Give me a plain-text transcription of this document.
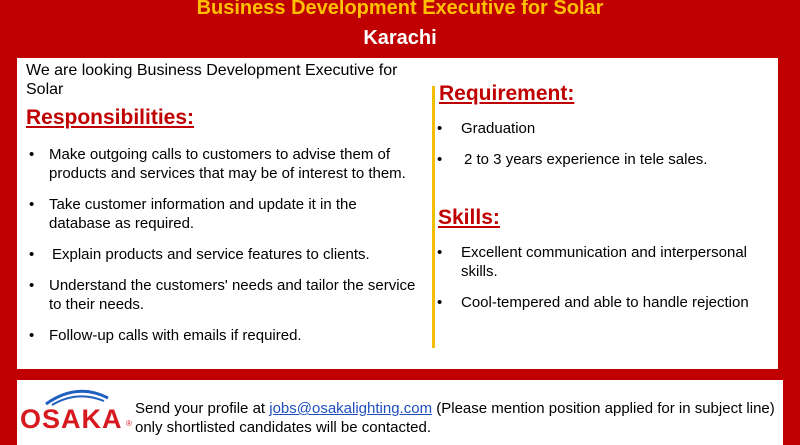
Business Development Executive for Solar
Karachi
We are looking Business Development Executive for Solar
Responsibilities:
• Make outgoing calls to customers to advise them of products and services that may be of interest to them.
• Take customer information and update it in the database as required.
• Explain products and service features to clients.
• Understand the customers' needs and tailor the service to their needs.
• Follow-up calls with emails if required.
Requirement:
• Graduation
• 2 to 3 years experience in tele sales.
Skills:
• Excellent communication and interpersonal skills.
• Cool-tempered and able to handle rejection
OSAKA ®
Send your profile at jobs@osakalighting.com (Please mention position applied for in subject line) only shortlisted candidates will be contacted.
